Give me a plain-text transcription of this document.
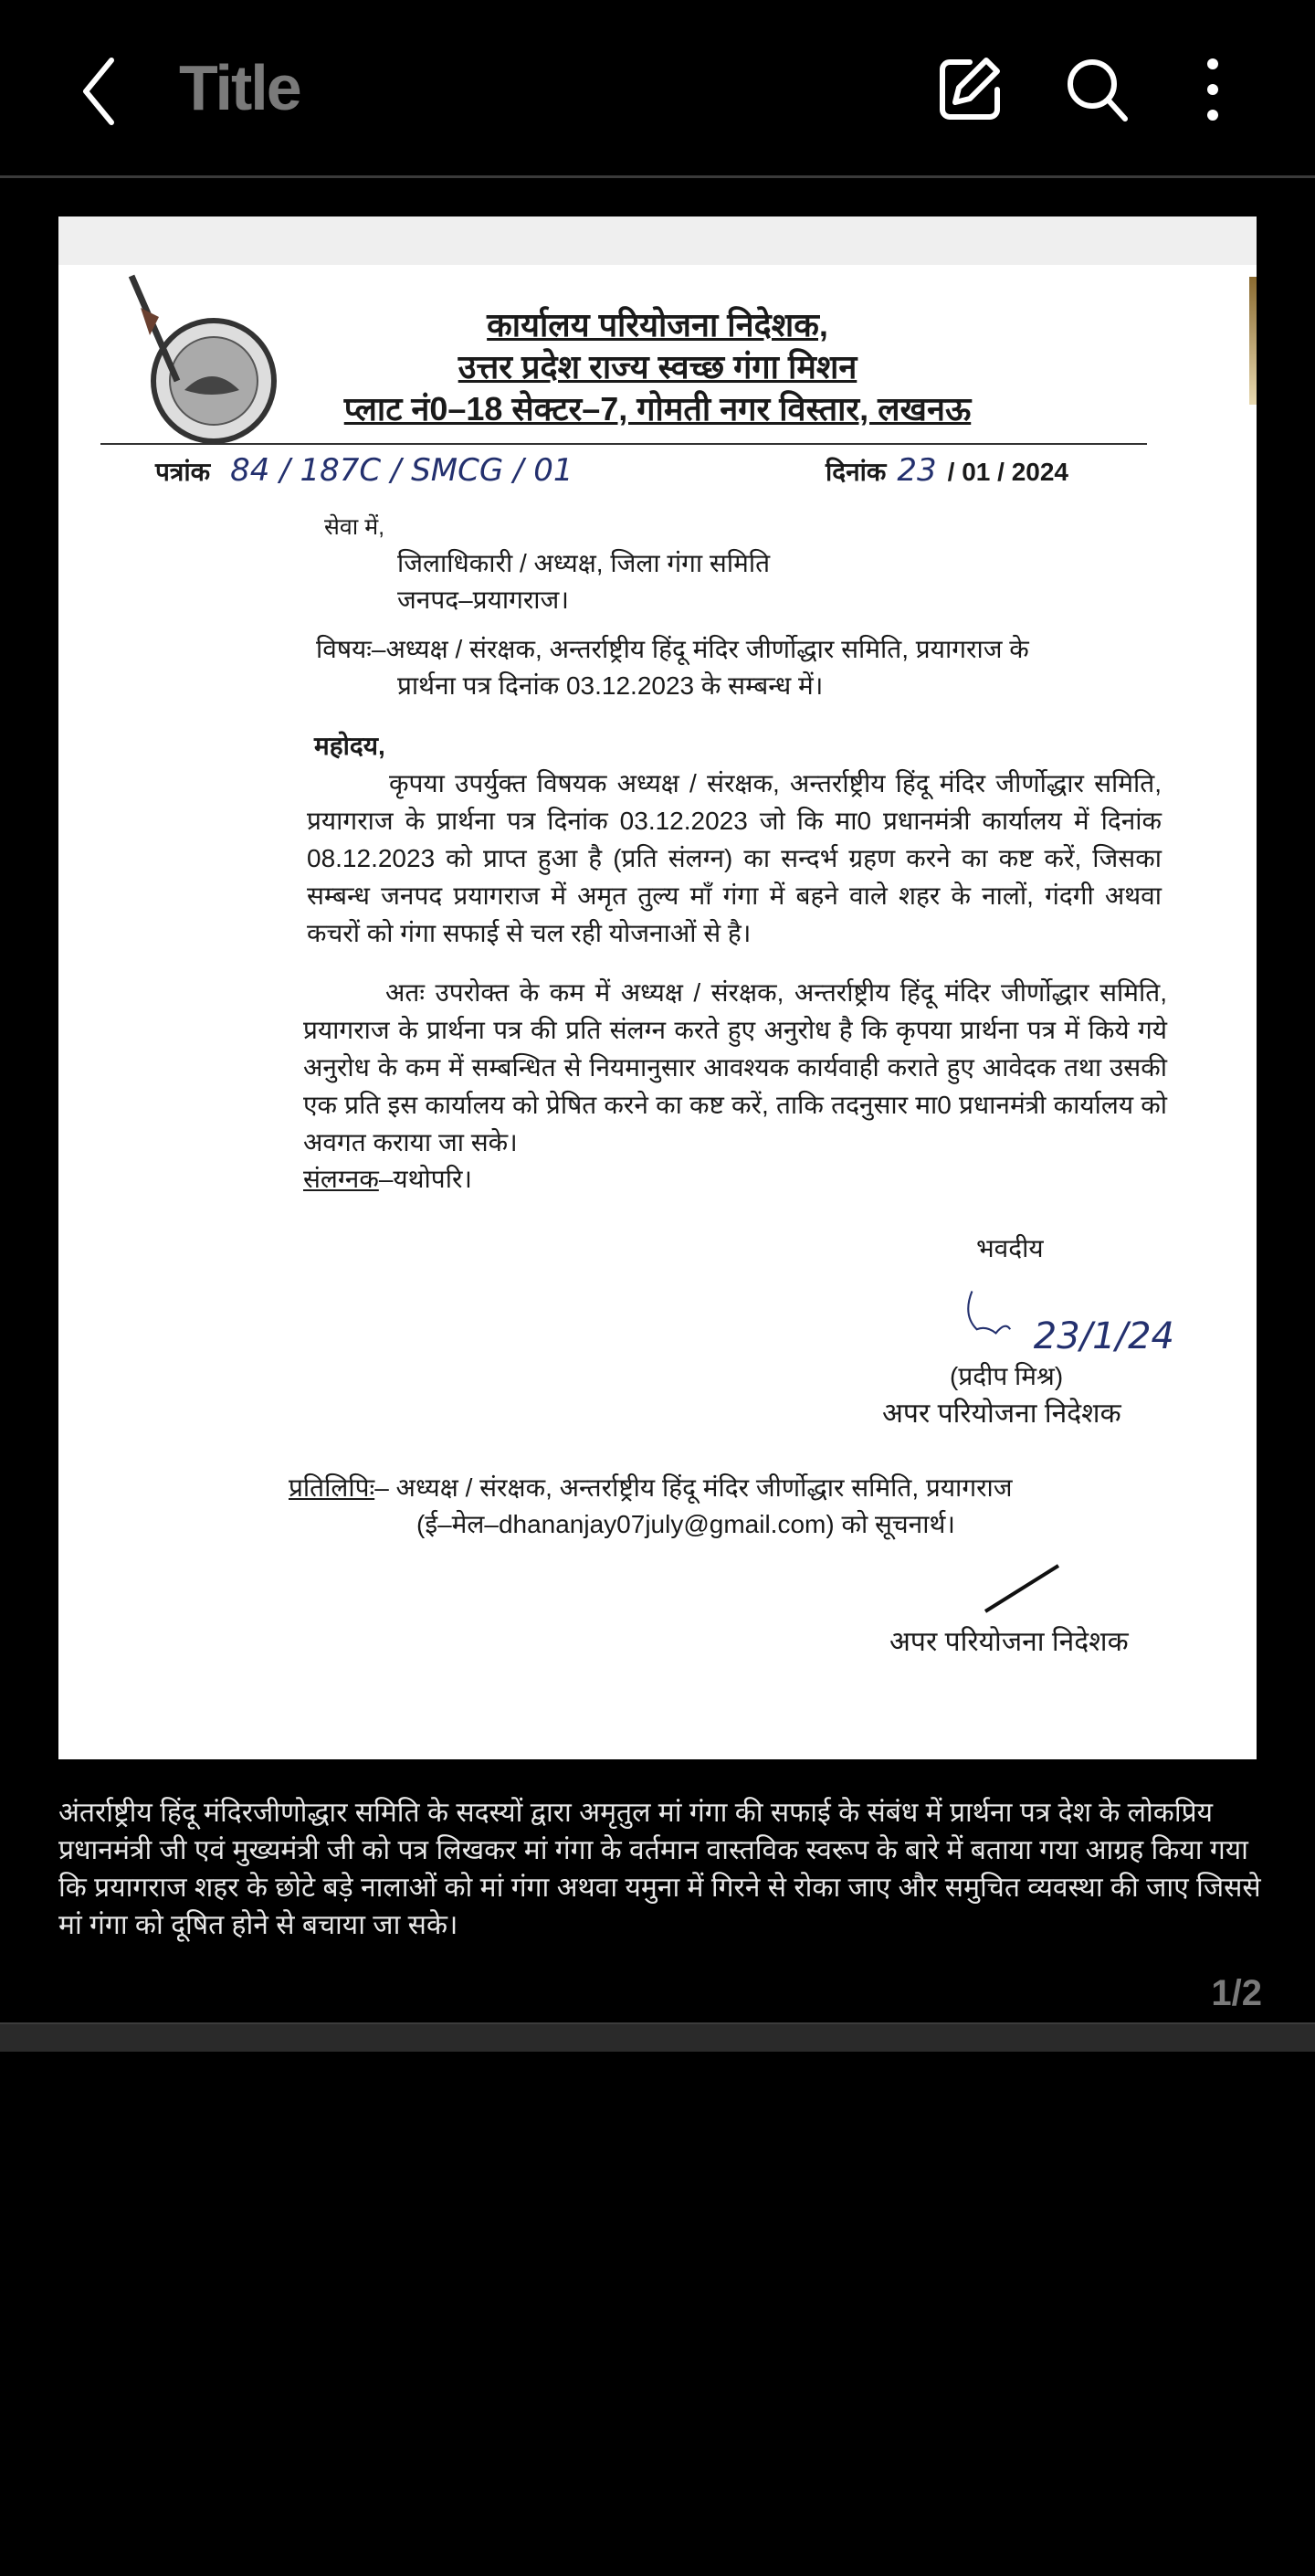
Title
कार्यालय परियोजना निदेशक,
उत्तर प्रदेश राज्य स्वच्छ गंगा मिशन
प्लाट नं0–18 सेक्टर–7, गोमती नगर विस्तार, लखनऊ
पत्रांक 84 / 187C / SMCG / 01	दिनांक 23 / 01 / 2024
सेवा में,
जिलाधिकारी / अध्यक्ष, जिला गंगा समिति
जनपद–प्रयागराज।
विषयः–अध्यक्ष / संरक्षक, अन्तर्राष्ट्रीय हिंदू मंदिर जीर्णोद्धार समिति, प्रयागराज के
प्रार्थना पत्र दिनांक 03.12.2023 के सम्बन्ध में।
महोदय,
कृपया उपर्युक्त विषयक अध्यक्ष / संरक्षक, अन्तर्राष्ट्रीय हिंदू मंदिर जीर्णोद्धार समिति, प्रयागराज के प्रार्थना पत्र दिनांक 03.12.2023 जो कि मा0 प्रधानमंत्री कार्यालय में दिनांक 08.12.2023 को प्राप्त हुआ है (प्रति संलग्न) का सन्दर्भ ग्रहण करने का कष्ट करें, जिसका सम्बन्ध जनपद प्रयागराज में अमृत तुल्य माँ गंगा में बहने वाले शहर के नालों, गंदगी अथवा कचरों को गंगा सफाई से चल रही योजनाओं से है।
अतः उपरोक्त के कम में अध्यक्ष / संरक्षक, अन्तर्राष्ट्रीय हिंदू मंदिर जीर्णोद्धार समिति, प्रयागराज के प्रार्थना पत्र की प्रति संलग्न करते हुए अनुरोध है कि कृपया प्रार्थना पत्र में किये गये अनुरोध के कम में सम्बन्धित से नियमानुसार आवश्यक कार्यवाही कराते हुए आवेदक तथा उसकी एक प्रति इस कार्यालय को प्रेषित करने का कष्ट करें, ताकि तदनुसार मा0 प्रधानमंत्री कार्यालय को अवगत कराया जा सके।
संलग्नक–यथोपरि।
भवदीय
23/1/24
(प्रदीप मिश्र)
अपर परियोजना निदेशक
प्रतिलिपिः– अध्यक्ष / संरक्षक, अन्तर्राष्ट्रीय हिंदू मंदिर जीर्णोद्धार समिति, प्रयागराज
(ई–मेल–dhananjay07july@gmail.com) को सूचनार्थ।
अपर परियोजना निदेशक
अंतर्राष्ट्रीय हिंदू मंदिरजीणोद्धार समिति के सदस्यों द्वारा अमृतुल मां गंगा की सफाई के संबंध में प्रार्थना पत्र देश के लोकप्रिय प्रधानमंत्री जी एवं मुख्यमंत्री जी को पत्र लिखकर मां गंगा के वर्तमान वास्तविक स्वरूप के बारे में बताया गया आग्रह किया गया कि प्रयागराज शहर के छोटे बड़े नालाओं को मां गंगा अथवा यमुना में गिरने से रोका जाए और समुचित व्यवस्था की जाए जिससे मां गंगा को दूषित होने से बचाया जा सके।
1/2
